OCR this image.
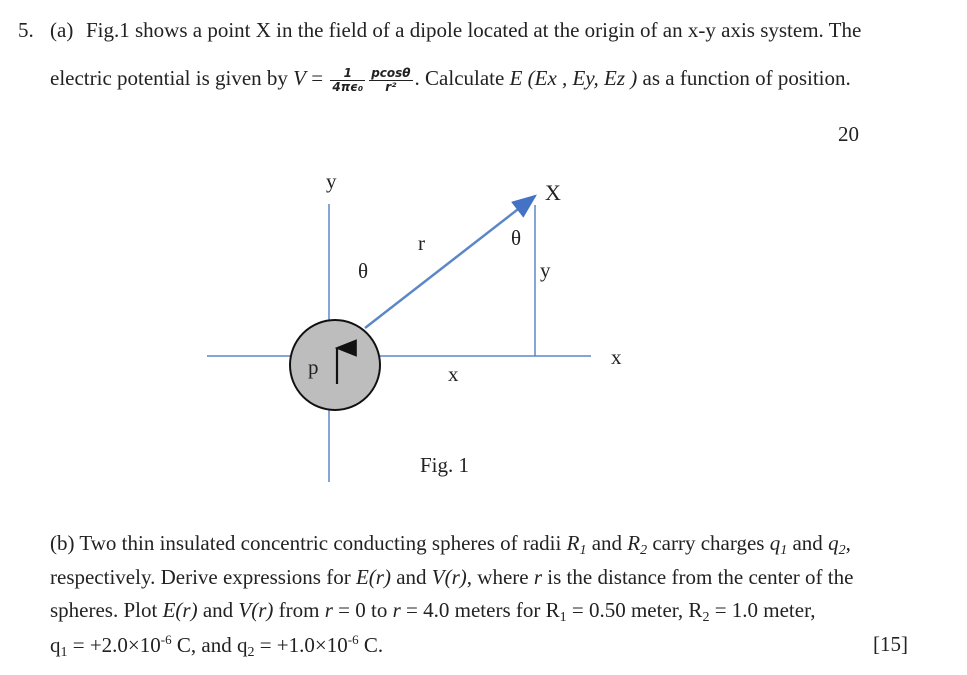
5. (a) Fig.1 shows a point X in the field of a dipole located at the origin of an x-y axis system. The
electric potential is given by $V = \frac{1}{\text{4πϵ₀}} \frac{pcos\theta}{\text{r²}}$ . Calculate E (Ex , Ey, Ez ) as a function of position.
20
y
x
X
r
θ
θ
y
x
p
Fig. 1
(b) Two thin insulated concentric conducting spheres of radii $R_1$ and $R_2$ carry charges $q_1$ and $q_2$,
respectively. Derive expressions for E(r) and V(r), where r is the distance from the center of the
spheres. Plot E(r) and V(r) from r = 0 to r = 4.0 meters for $R_1 = 0.50$ meter, $R_2 = 1.0$ meter,
$q_1 = +2.0\times 10^{-6}$ C, and $q_2 = +1.0\times 10^{-6}$ C.	[15]
